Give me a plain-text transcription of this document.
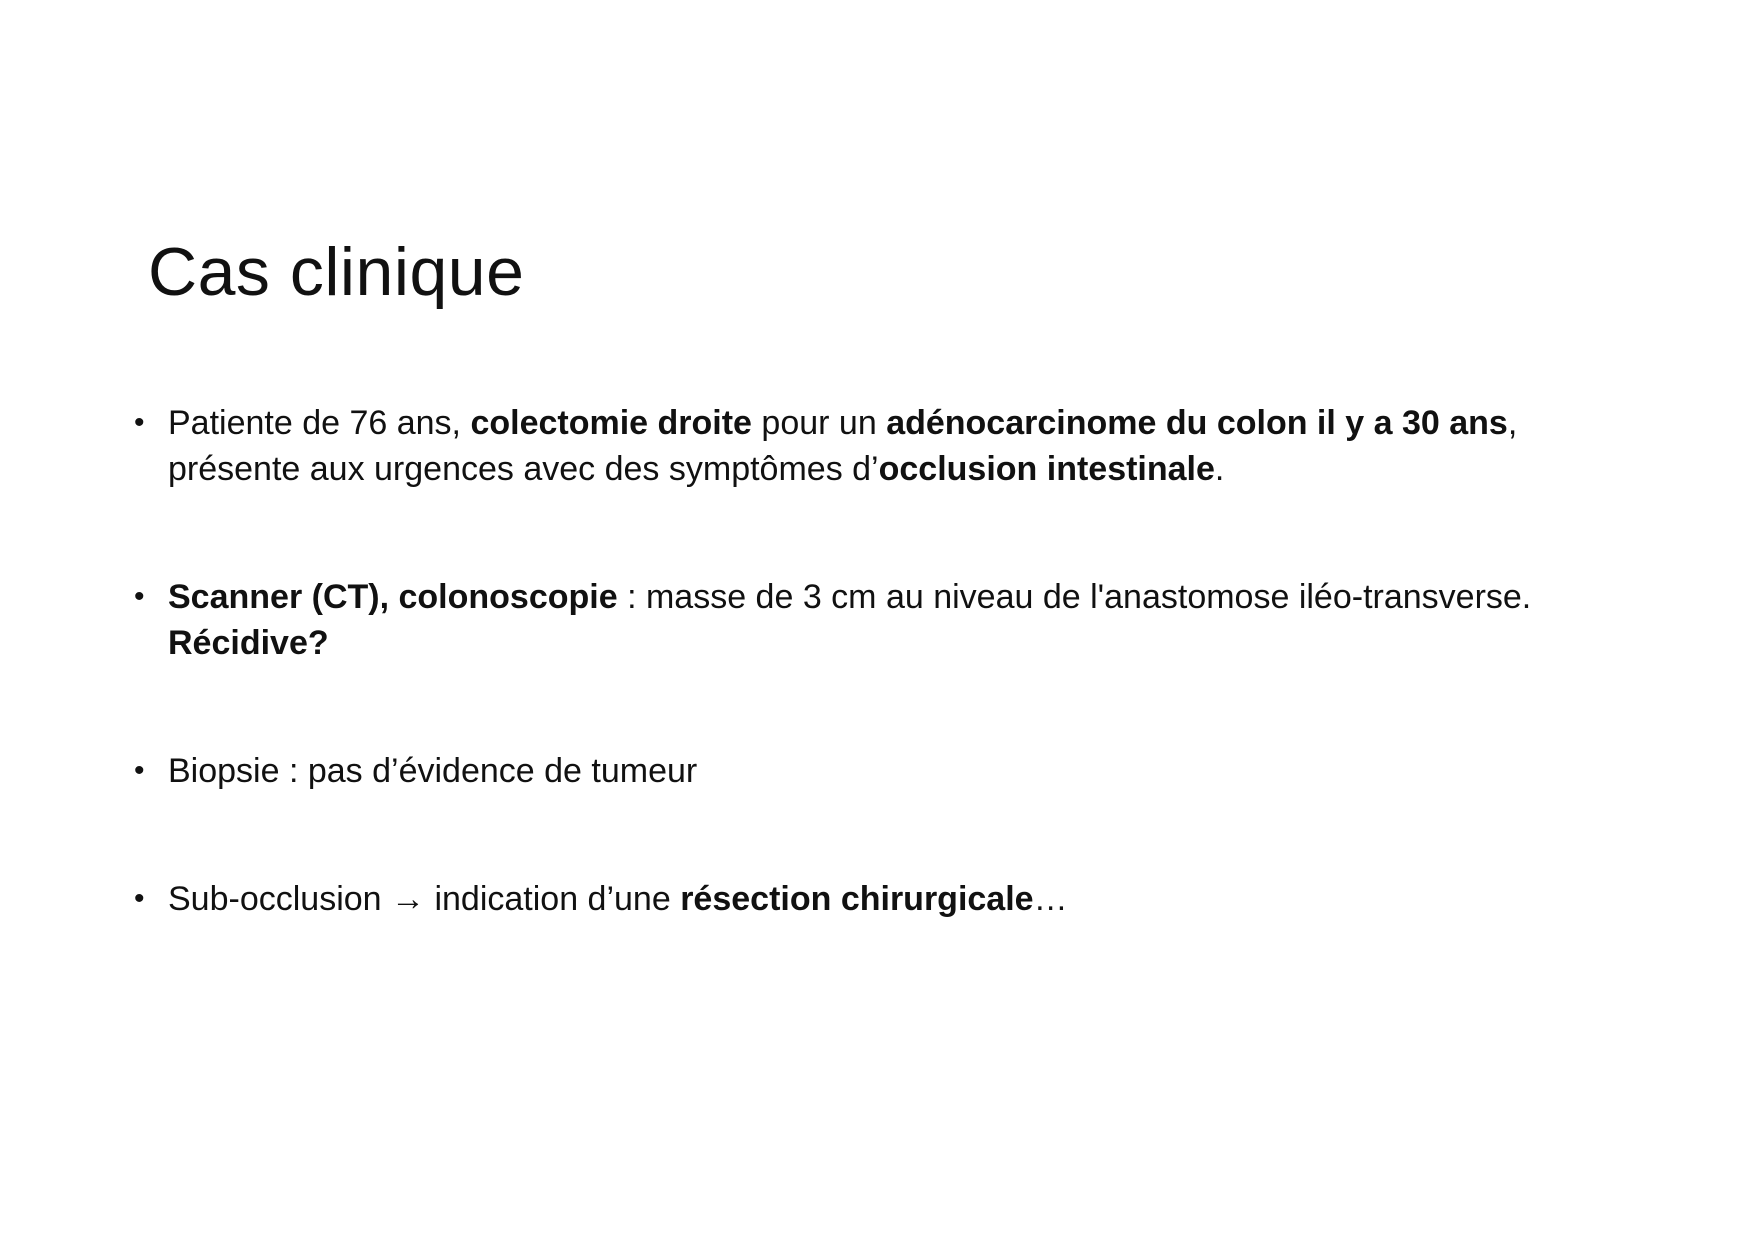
Cas clinique
• Patiente de 76 ans, colectomie droite pour un adénocarcinome du colon il y a 30 ans,
présente aux urgences avec des symptômes d’occlusion intestinale.
• Scanner (CT), colonoscopie : masse de 3 cm au niveau de l'anastomose iléo-transverse.
Récidive?
• Biopsie : pas d’évidence de tumeur
• Sub-occlusion → indication d’une résection chirurgicale…
